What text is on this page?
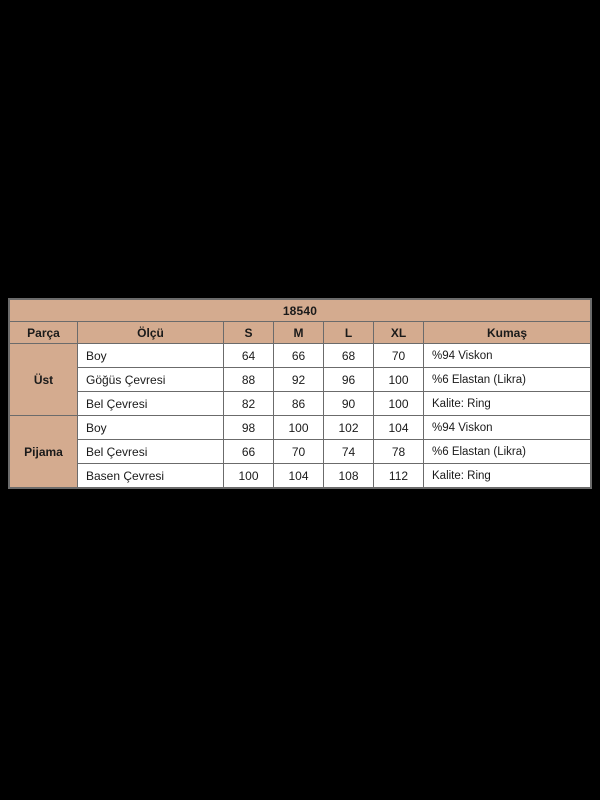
18540						
Parça	Ölçü	S	M	L	XL	Kumaş
Üst	Boy	64	66	68	70	%94 Viskon
	Göğüs Çevresi	88	92	96	100	%6 Elastan (Likra)
	Bel Çevresi	82	86	90	100	Kalite: Ring
Pijama	Boy	98	100	102	104	%94 Viskon
	Bel Çevresi	66	70	74	78	%6 Elastan (Likra)
	Basen Çevresi	100	104	108	112	Kalite: Ring
